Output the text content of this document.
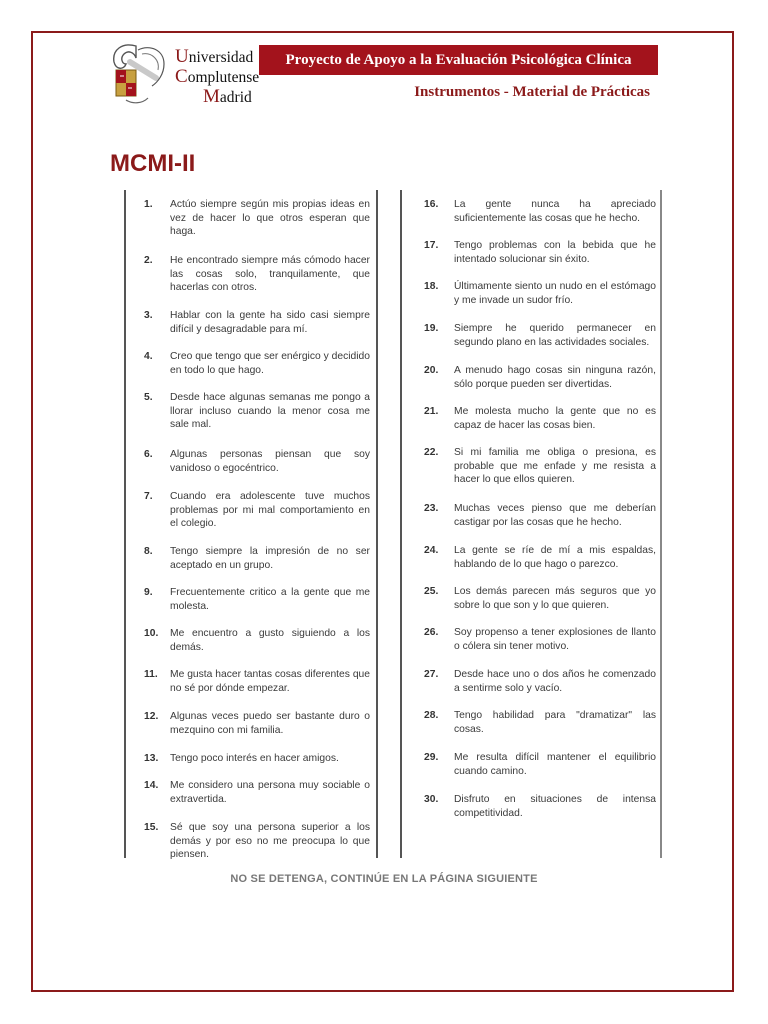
Universidad
Complutense
Madrid
Proyecto de Apoyo a la Evaluación Psicológica Clínica
Instrumentos - Material de Prácticas
MCMI-II
1. Actúo siempre según mis propias ideas en vez de hacer lo que otros esperan que haga.
2. He encontrado siempre más cómodo hacer las cosas solo, tranquilamente, que hacerlas con otros.
3. Hablar con la gente ha sido casi siempre difícil y desagradable para mí.
4. Creo que tengo que ser enérgico y decidido en todo lo que hago.
5. Desde hace algunas semanas me pongo a llorar incluso cuando la menor cosa me sale mal.
6. Algunas personas piensan que soy vanidoso o egocéntrico.
7. Cuando era adolescente tuve muchos problemas por mi mal comportamiento en el colegio.
8. Tengo siempre la impresión de no ser aceptado en un grupo.
9. Frecuentemente critico a la gente que me molesta.
10. Me encuentro a gusto siguiendo a los demás.
11. Me gusta hacer tantas cosas diferentes que no sé por dónde empezar.
12. Algunas veces puedo ser bastante duro o mezquino con mi familia.
13. Tengo poco interés en hacer amigos.
14. Me considero una persona muy sociable o extravertida.
15. Sé que soy una persona superior a los demás y por eso no me preocupa lo que piensen.
16. La gente nunca ha apreciado suficientemente las cosas que he hecho.
17. Tengo problemas con la bebida que he intentado solucionar sin éxito.
18. Últimamente siento un nudo en el estómago y me invade un sudor frío.
19. Siempre he querido permanecer en segundo plano en las actividades sociales.
20. A menudo hago cosas sin ninguna razón, sólo porque pueden ser divertidas.
21. Me molesta mucho la gente que no es capaz de hacer las cosas bien.
22. Si mi familia me obliga o presiona, es probable que me enfade y me resista a hacer lo que ellos quieren.
23. Muchas veces pienso que me deberían castigar por las cosas que he hecho.
24. La gente se ríe de mí a mis espaldas, hablando de lo que hago o parezco.
25. Los demás parecen más seguros que yo sobre lo que son y lo que quieren.
26. Soy propenso a tener explosiones de llanto o cólera sin tener motivo.
27. Desde hace uno o dos años he comenzado a sentirme solo y vacío.
28. Tengo habilidad para "dramatizar" las cosas.
29. Me resulta difícil mantener el equilibrio cuando camino.
30. Disfruto en situaciones de intensa competitividad.
NO SE DETENGA, CONTINÚE EN LA PÁGINA SIGUIENTE
